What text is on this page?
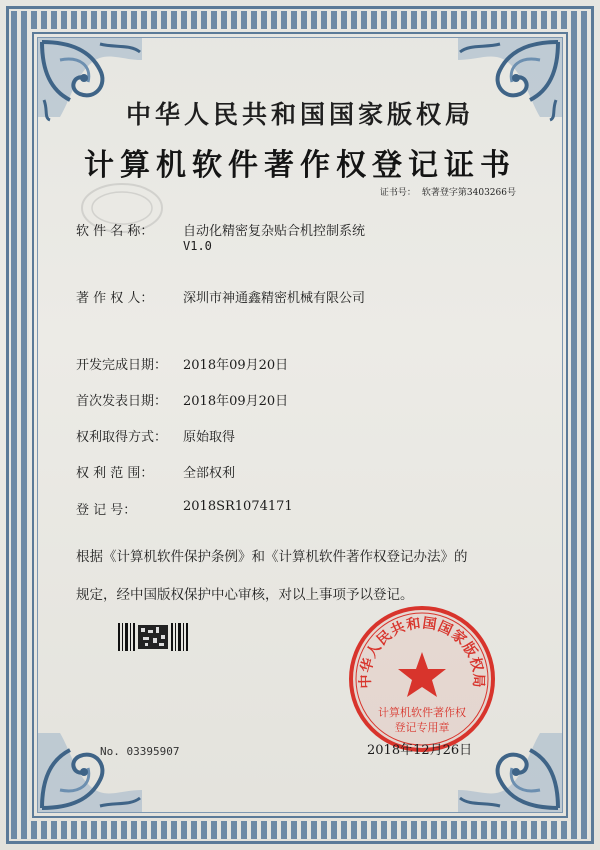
中华人民共和国国家版权局
计算机软件著作权登记证书
证书号： 软著登字第3403266号
软 件 名 称： 自动化精密复杂贴合机控制系统
V1.0
著 作 权 人： 深圳市神通鑫精密机械有限公司
开发完成日期： 2018年09月20日
首次发表日期： 2018年09月20日
权利取得方式： 原始取得
权 利 范 围： 全部权利
登 记 号：	2018SR1074171
根据《计算机软件保护条例》和《计算机软件著作权登记办法》的
规定，经中国版权保护中心审核，对以上事项予以登记。
中华人民共和国国家版权局
计算机软件著作权
登记专用章
No. 03395907	2018年12月26日
